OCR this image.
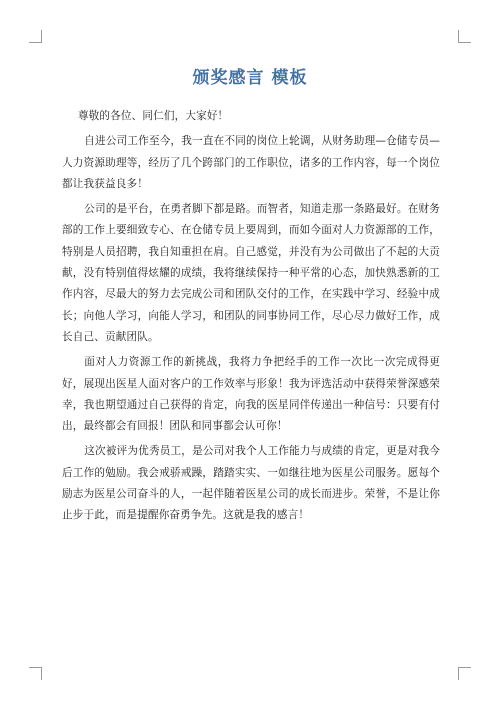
颁奖感言 模板

尊敬的各位、同仁们，大家好！

自进公司工作至今，我一直在不同的岗位上轮调，从财务助理—仓储专员—人力资源助理等，经历了几个跨部门的工作职位，诸多的工作内容，每一个岗位都让我获益良多！

公司的是平台，在勇者脚下都是路。而智者，知道走那一条路最好。在财务部的工作上要细致专心、在仓储专员上要周到，而如今面对人力资源部的工作，特别是人员招聘，我自知重担在肩。自己感觉，并没有为公司做出了不起的大贡献，没有特别值得炫耀的成绩，我将继续保持一种平常的心态，加快熟悉新的工作内容，尽最大的努力去完成公司和团队交付的工作，在实践中学习、经验中成长；向他人学习，向能人学习，和团队的同事协同工作，尽心尽力做好工作，成长自己、贡献团队。

面对人力资源工作的新挑战，我将力争把经手的工作一次比一次完成得更好，展现出医星人面对客户的工作效率与形象！我为评选活动中获得荣誉深感荣幸，我也期望通过自己获得的肯定，向我的医星同伴传递出一种信号：只要有付出，最终都会有回报！团队和同事都会认可你！

这次被评为优秀员工，是公司对我个人工作能力与成绩的肯定，更是对我今后工作的勉励。我会戒骄戒躁，踏踏实实、一如继往地为医星公司服务。愿每个励志为医星公司奋斗的人，一起伴随着医星公司的成长而进步。荣誉，不是让你止步于此，而是提醒你奋勇争先。这就是我的感言！
